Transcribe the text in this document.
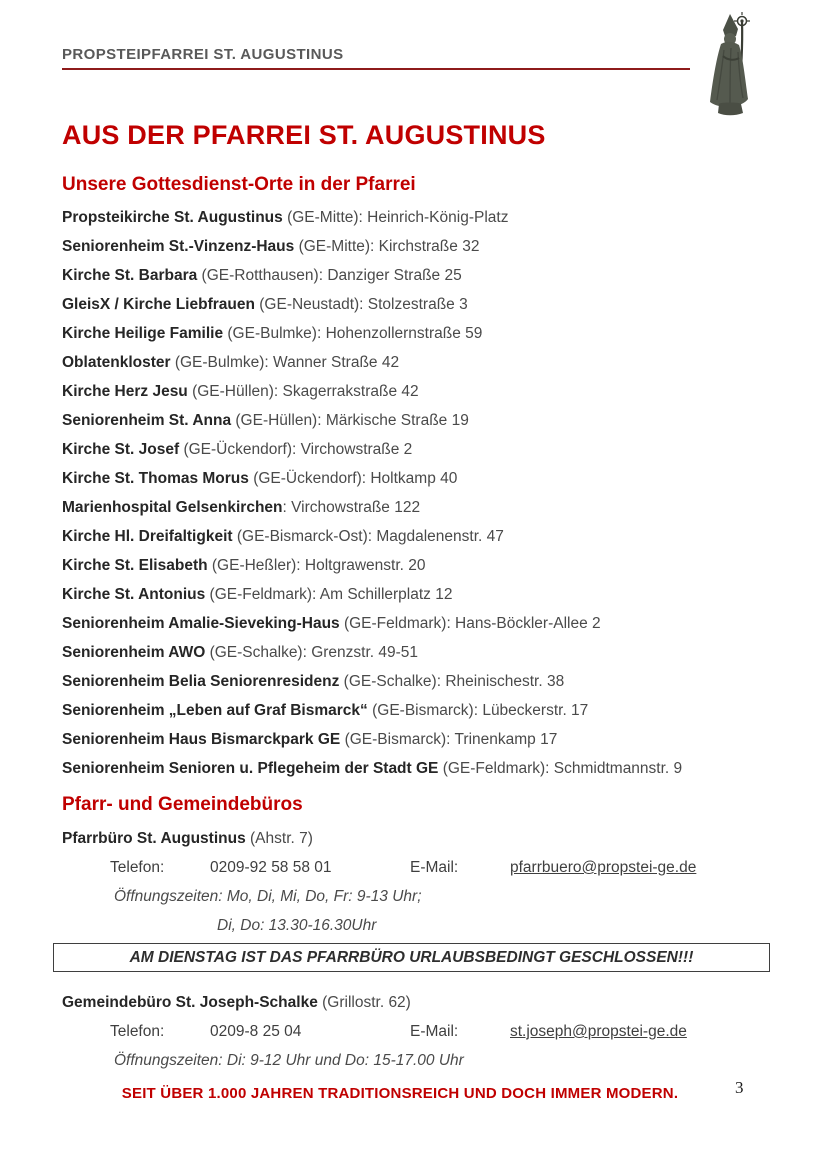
PROPSTEIPFARREI ST. AUGUSTINUS
AUS DER PFARREI ST. AUGUSTINUS
Unsere Gottesdienst-Orte in der Pfarrei

Propsteikirche St. Augustinus (GE-Mitte): Heinrich-König-Platz

Seniorenheim St.-Vinzenz-Haus (GE-Mitte): Kirchstraße 32

Kirche St. Barbara (GE-Rotthausen): Danziger Straße 25

GleisX / Kirche Liebfrauen (GE-Neustadt): Stolzestraße 3

Kirche Heilige Familie (GE-Bulmke): Hohenzollernstraße 59

Oblatenkloster (GE-Bulmke): Wanner Straße 42

Kirche Herz Jesu (GE-Hüllen): Skagerrakstraße 42

Seniorenheim St. Anna (GE-Hüllen): Märkische Straße 19

Kirche St. Josef (GE-Ückendorf): Virchowstraße 2

Kirche St. Thomas Morus (GE-Ückendorf): Holtkamp 40

Marienhospital Gelsenkirchen: Virchowstraße 122

Kirche Hl. Dreifaltigkeit (GE-Bismarck-Ost): Magdalenenstr. 47

Kirche St. Elisabeth (GE-Heßler): Holtgrawenstr. 20

Kirche St. Antonius (GE-Feldmark): Am Schillerplatz 12

Seniorenheim Amalie-Sieveking-Haus (GE-Feldmark): Hans-Böckler-Allee 2

Seniorenheim AWO (GE-Schalke): Grenzstr. 49-51

Seniorenheim Belia Seniorenresidenz (GE-Schalke): Rheinischestr. 38

Seniorenheim „Leben auf Graf Bismarck“ (GE-Bismarck): Lübeckerstr. 17

Seniorenheim Haus Bismarckpark GE (GE-Bismarck): Trinenkamp 17

Seniorenheim Senioren u. Pflegeheim der Stadt GE (GE-Feldmark): Schmidtmannstr. 9

Pfarr- und Gemeindebüros

Pfarrbüro St. Augustinus (Ahstr. 7)

Telefon:	0209-92 58 58 01	E-Mail:	pfarrbuero@propstei-ge.de

Öffnungszeiten: Mo, Di, Mi, Do, Fr: 9-13 Uhr;

Di, Do: 13.30-16.30Uhr

AM DIENSTAG IST DAS PFARRBÜRO URLAUBSBEDINGT GESCHLOSSEN!!!

Gemeindebüro St. Joseph-Schalke (Grillostr. 62)

Telefon:	0209-8 25 04	E-Mail:	st.joseph@propstei-ge.de

Öffnungszeiten: Di: 9-12 Uhr und Do: 15-17.00 Uhr

SEIT ÜBER 1.000 JAHREN TRADITIONSREICH UND DOCH IMMER MODERN.	3
